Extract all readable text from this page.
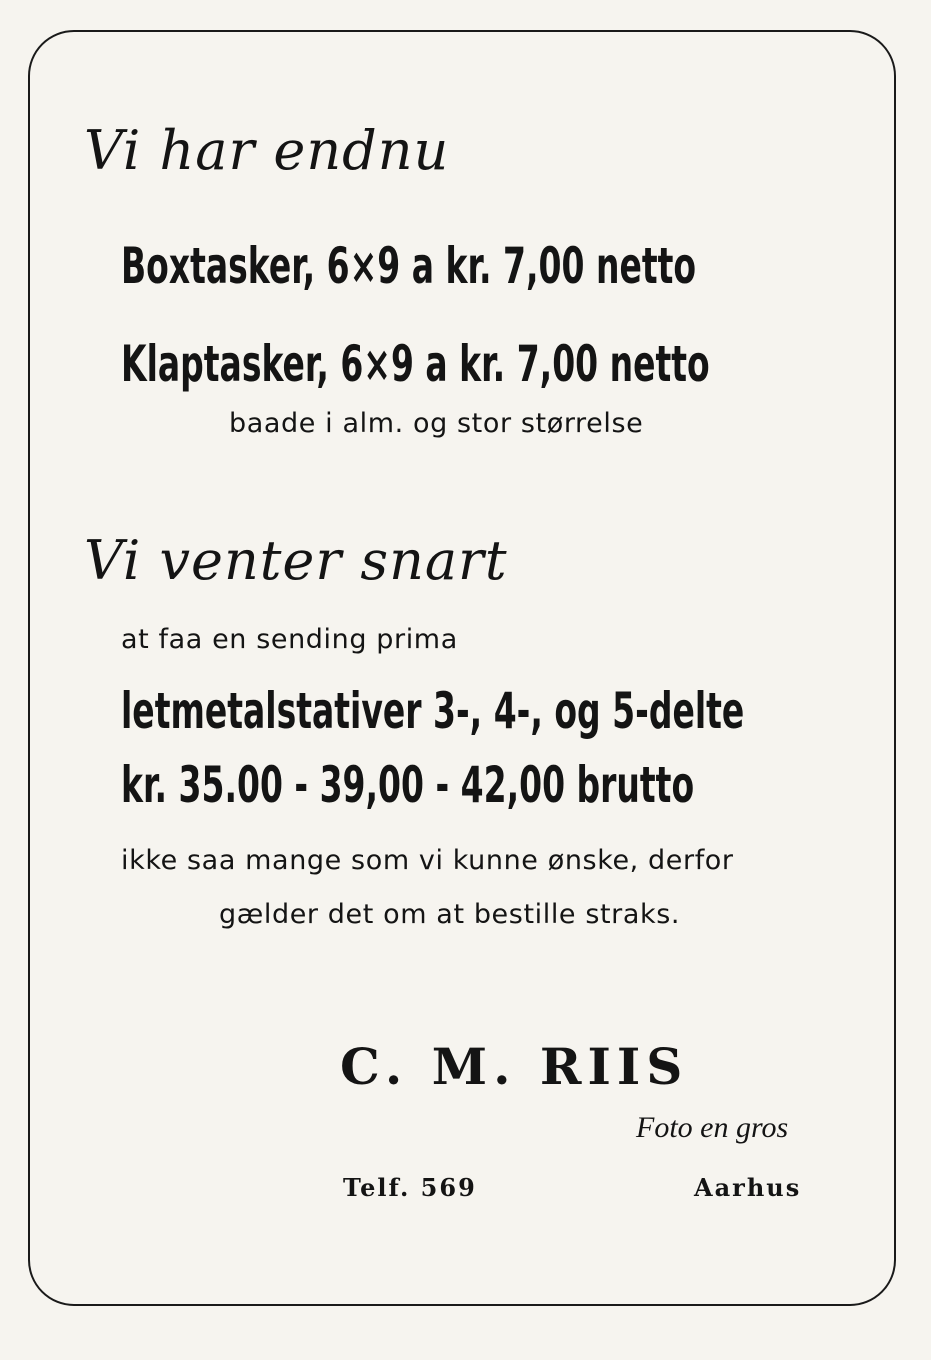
Vi har endnu
Boxtasker, 6×9 a kr. 7,00 netto
Klaptasker, 6×9 a kr. 7,00 netto
baade i alm. og stor størrelse
Vi venter snart
at faa en sending prima
letmetalstativer 3-, 4-, og 5-delte
kr. 35.00 - 39,00 - 42,00 brutto
ikke saa mange som vi kunne ønske, derfor
gælder det om at bestille straks.
C. M. RIIS
Foto en gros
Telf. 569	Aarhus
